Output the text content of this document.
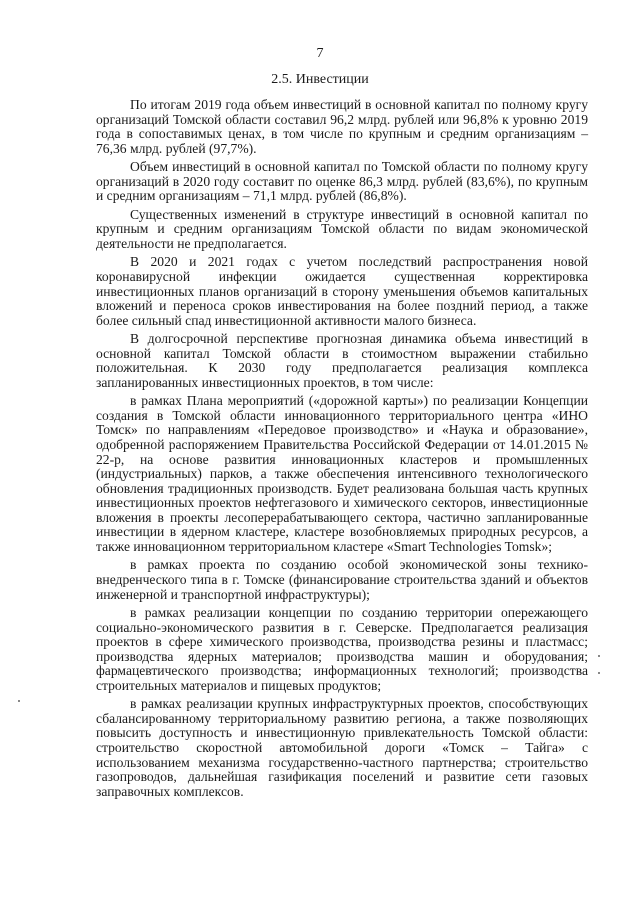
7
2.5. Инвестиции

По итогам 2019 года объем инвестиций в основной капитал по полному кругу организаций Томской области составил 96,2 млрд. рублей или 96,8% к уровню 2019 года в сопоставимых ценах, в том числе по крупным и средним организациям – 76,36 млрд. рублей (97,7%).

Объем инвестиций в основной капитал по Томской области по полному кругу организаций в 2020 году составит по оценке 86,3 млрд. рублей (83,6%), по крупным и средним организациям – 71,1 млрд. рублей (86,8%).

Существенных изменений в структуре инвестиций в основной капитал по крупным и средним организациям Томской области по видам экономической деятельности не предполагается.

В 2020 и 2021 годах с учетом последствий распространения новой коронавирусной инфекции ожидается существенная корректировка инвестиционных планов организаций в сторону уменьшения объемов капитальных вложений и переноса сроков инвестирования на более поздний период, а также более сильный спад инвестиционной активности малого бизнеса.

В долгосрочной перспективе прогнозная динамика объема инвестиций в основной капитал Томской области в стоимостном выражении стабильно положительная. К 2030 году предполагается реализация комплекса запланированных инвестиционных проектов, в том числе:

в рамках Плана мероприятий («дорожной карты») по реализации Концепции создания в Томской области инновационного территориального центра «ИНО Томск» по направлениям «Передовое производство» и «Наука и образование», одобренной распоряжением Правительства Российской Федерации от 14.01.2015 № 22-р, на основе развития инновационных кластеров и промышленных (индустриальных) парков, а также обеспечения интенсивного технологического обновления традиционных производств. Будет реализована большая часть крупных инвестиционных проектов нефтегазового и химического секторов, инвестиционные вложения в проекты лесоперерабатывающего сектора, частично запланированные инвестиции в ядерном кластере, кластере возобновляемых природных ресурсов, а также инновационном территориальном кластере «Smart Technologies Tomsk»;

в рамках проекта по созданию особой экономической зоны технико-внедренческого типа в г. Томске (финансирование строительства зданий и объектов инженерной и транспортной инфраструктуры);

в рамках реализации концепции по созданию территории опережающего социально-экономического развития в г. Северске. Предполагается реализация проектов в сфере химического производства, производства резины и пластмасс; производства ядерных материалов; производства машин и оборудования; фармацевтического производства; информационных технологий; производства строительных материалов и пищевых продуктов;

в рамках реализации крупных инфраструктурных проектов, способствующих сбалансированному территориальному развитию региона, а также позволяющих повысить доступность и инвестиционную привлекательность Томской области: строительство скоростной автомобильной дороги «Томск – Тайга» с использованием механизма государственно-частного партнерства; строительство газопроводов, дальнейшая газификация поселений и развитие сети газовых заправочных комплексов.
